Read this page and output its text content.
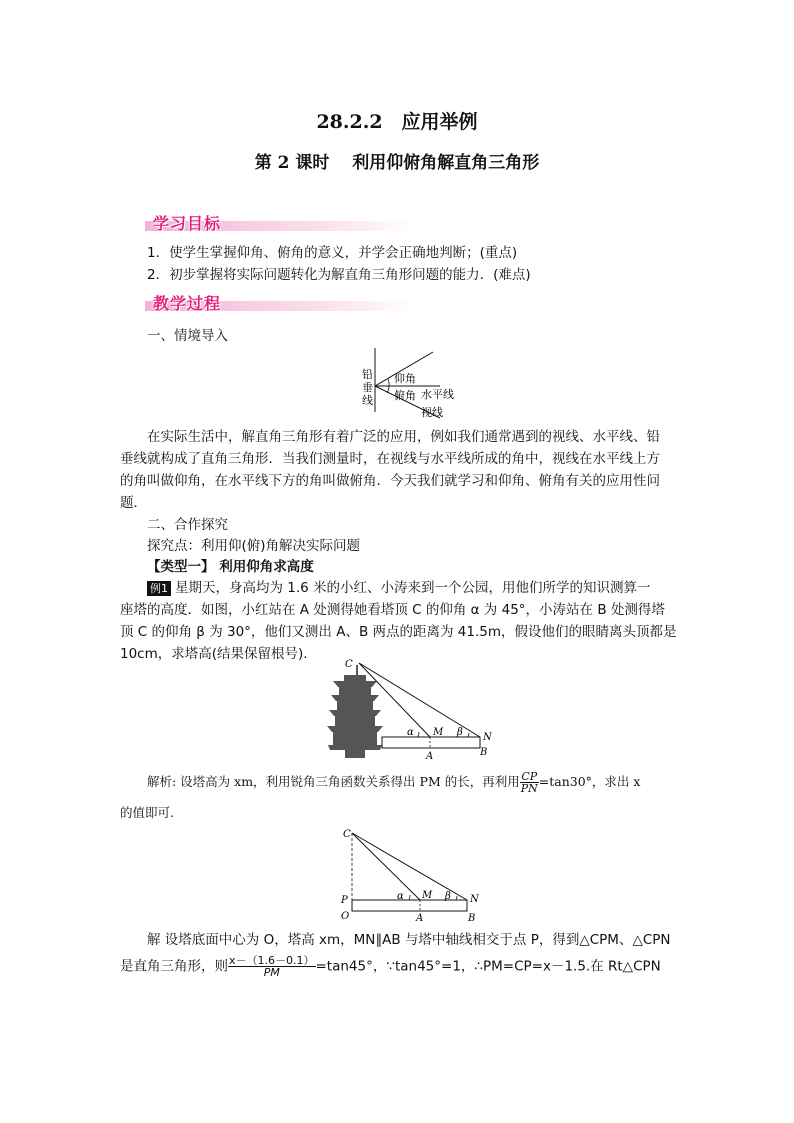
28.2.2　应用举例
第 2 课时　 利用仰俯角解直角三角形
学习目标
1．使学生掌握仰角、俯角的意义，并学会正确地判断；(重点)
2．初步掌握将实际问题转化为解直角三角形问题的能力．(难点)
教学过程
一、情境导入
铅
垂
线
仰角
俯角 水平线
视线
在实际生活中，解直角三角形有着广泛的应用，例如我们通常遇到的视线、水平线、铅
垂线就构成了直角三角形．当我们测量时，在视线与水平线所成的角中，视线在水平线上方
的角叫做仰角，在水平线下方的角叫做俯角．今天我们就学习和仰角、俯角有关的应用性问
题．
二、合作探究
探究点：利用仰(俯)角解决实际问题
【类型一】 利用仰角求高度
例1 星期天，身高均为 1.6 米的小红、小涛来到一个公园，用他们所学的知识测算一
座塔的高度．如图，小红站在 A 处测得她看塔顶 C 的仰角 α 为 45°，小涛站在 B 处测得塔
顶 C 的仰角 β 为 30°，他们又测出 A、B 两点的距离为 41.5m，假设他们的眼睛离头顶都是
10cm，求塔高(结果保留根号).
C
α M β N
A	B
解析: 设塔高为 xm，利用锐角三角函数关系得出 PM 的长，再利用 $\frac{CP}{PN} =\tan 30^\circ$，求出 x
的值即可.
C
P
O
α M β N
A	B
解 设塔底面中心为 O，塔高 xm，MN∥AB 与塔中轴线相交于点 P，得到△CPM、△CPN
是直角三角形，则 $\frac{x-(1.6-0.1)}{PM} =\tan 45^\circ$，∵tan45°=1，∴PM=CP=x－1.5.在 Rt△CPN
